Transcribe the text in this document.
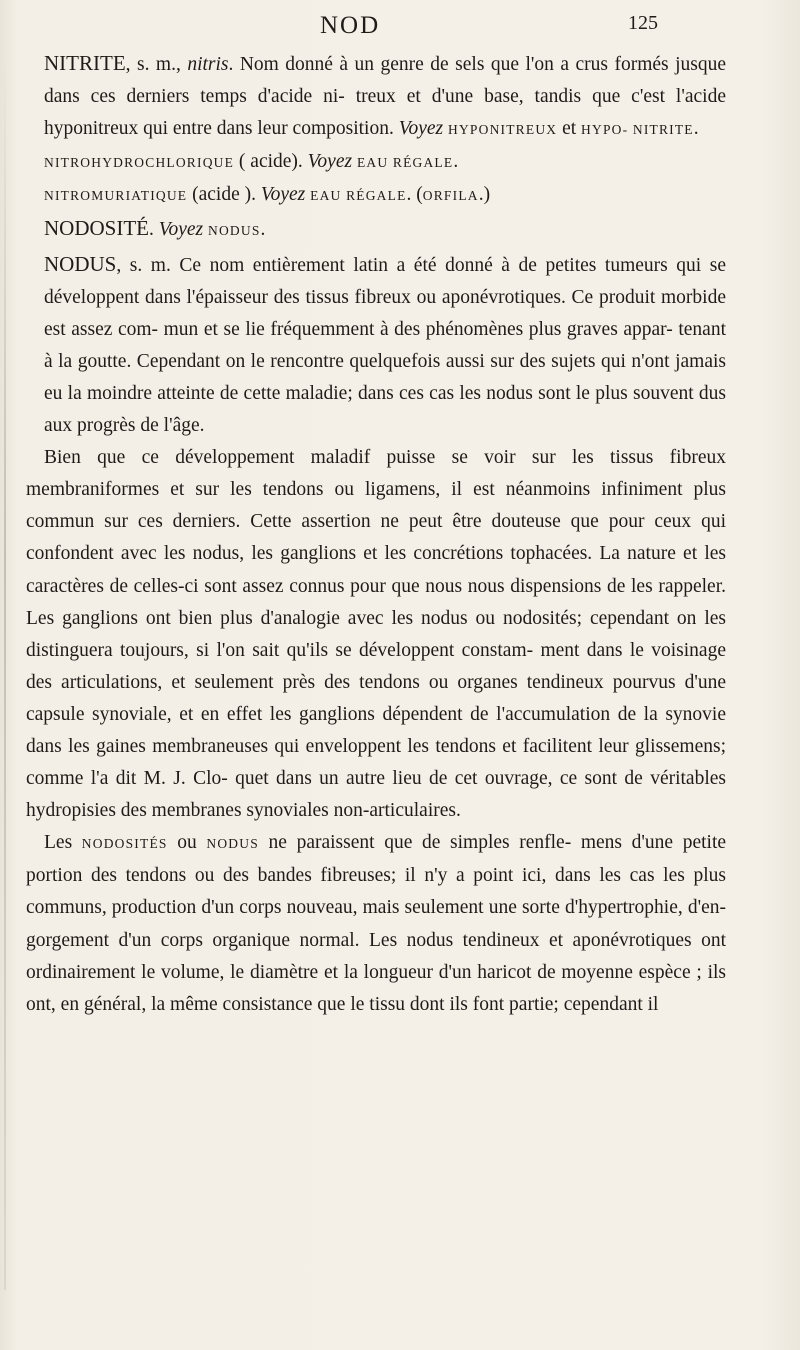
NOD	125

NITRITE, s. m., nitris. Nom donné à un genre de sels que l'on a crus formés jusque dans ces derniers temps d'acide ni- treux et d'une base, tandis que c'est l'acide hyponitreux qui entre dans leur composition. Voyez HYPONITREUX et HYPO- NITRITE.

NITROHYDROCHLORIQUE ( acide). Voyez EAU RÉGALE.

NITROMURIATIQUE (acide ). Voyez EAU RÉGALE. (ORFILA.)

NODOSITÉ. Voyez NODUS.

NODUS, s. m. Ce nom entièrement latin a été donné à de petites tumeurs qui se développent dans l'épaisseur des tissus fibreux ou aponévrotiques. Ce produit morbide est assez com- mun et se lie fréquemment à des phénomènes plus graves appar- tenant à la goutte. Cependant on le rencontre quelquefois aussi sur des sujets qui n'ont jamais eu la moindre atteinte de cette maladie; dans ces cas les nodus sont le plus souvent dus aux progrès de l'âge.

Bien que ce développement maladif puisse se voir sur les tissus fibreux membraniformes et sur les tendons ou ligamens, il est néanmoins infiniment plus commun sur ces derniers. Cette assertion ne peut être douteuse que pour ceux qui confondent avec les nodus, les ganglions et les concrétions tophacées. La nature et les caractères de celles-ci sont assez connus pour que nous nous dispensions de les rappeler. Les ganglions ont bien plus d'analogie avec les nodus ou nodosités; cependant on les distinguera toujours, si l'on sait qu'ils se développent constam- ment dans le voisinage des articulations, et seulement près des tendons ou organes tendineux pourvus d'une capsule synoviale, et en effet les ganglions dépendent de l'accumulation de la synovie dans les gaines membraneuses qui enveloppent les tendons et facilitent leur glissemens; comme l'a dit M. J. Clo- quet dans un autre lieu de cet ouvrage, ce sont de véritables hydropisies des membranes synoviales non-articulaires.

Les NODOSITÉS ou NODUS ne paraissent que de simples renfle- mens d'une petite portion des tendons ou des bandes fibreuses; il n'y a point ici, dans les cas les plus communs, production d'un corps nouveau, mais seulement une sorte d'hypertrophie, d'en- gorgement d'un corps organique normal. Les nodus tendineux et aponévrotiques ont ordinairement le volume, le diamètre et la longueur d'un haricot de moyenne espèce ; ils ont, en général, la même consistance que le tissu dont ils font partie; cependant il
